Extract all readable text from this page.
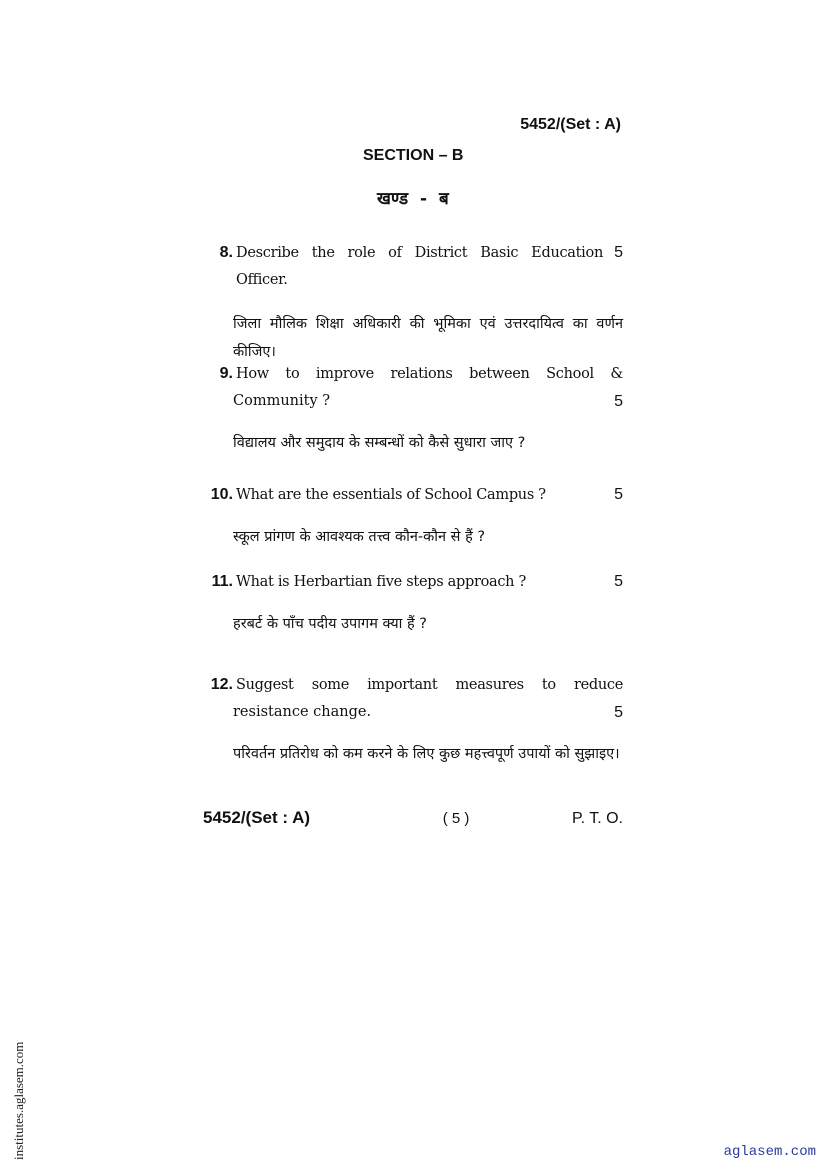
5452/(Set : A)
SECTION – B
खण्ड - ब
8. Describe the role of District Basic Education Officer.
5
जिला मौलिक शिक्षा अधिकारी की भूमिका एवं उत्तरदायित्व का वर्णन कीजिए।
9. How to improve relations between School &
Community ?	5
विद्यालय और समुदाय के सम्बन्धों को कैसे सुधारा जाए ?
10. What are the essentials of School Campus ?	5
स्कूल प्रांगण के आवश्यक तत्त्व कौन-कौन से हैं ?
11. What is Herbartian five steps approach ?	5
हरबर्ट के पाँच पदीय उपागम क्या हैं ?
12. Suggest some important measures to reduce
resistance change.	5
परिवर्तन प्रतिरोध को कम करने के लिए कुछ महत्त्वपूर्ण उपायों को सुझाइए।
5452/(Set : A)	( 5 )	P. T. O.
institutes.aglasem.com	aglasem.com
